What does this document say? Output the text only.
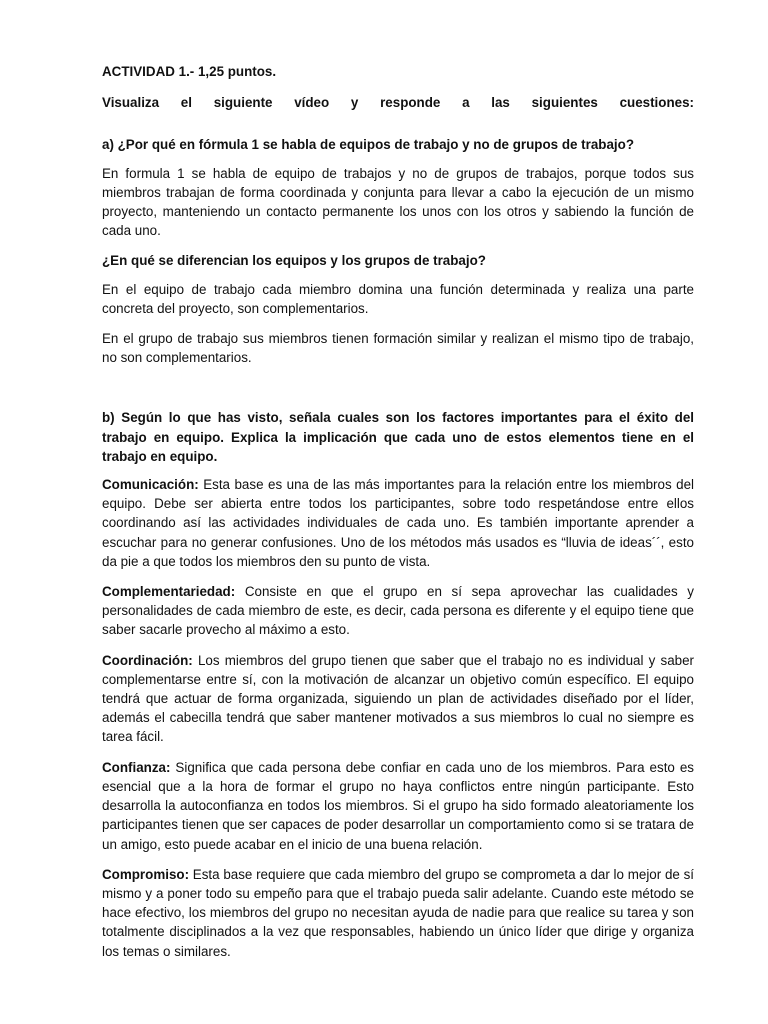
ACTIVIDAD 1.- 1,25 puntos.

Visualiza el siguiente vídeo y responde a las siguientes cuestiones:

a) ¿Por qué en fórmula 1 se habla de equipos de trabajo y no de grupos de trabajo?

En formula 1 se habla de equipo de trabajos y no de grupos de trabajos, porque todos sus miembros trabajan de forma coordinada y conjunta para llevar a cabo la ejecución de un mismo proyecto, manteniendo un contacto permanente los unos con los otros y sabiendo la función de cada uno.

¿En qué se diferencian los equipos y los grupos de trabajo?

En el equipo de trabajo cada miembro domina una función determinada y realiza una parte concreta del proyecto, son complementarios.

En el grupo de trabajo sus miembros tienen formación similar y realizan el mismo tipo de trabajo, no son complementarios.

b) Según lo que has visto, señala cuales son los factores importantes para el éxito del trabajo en equipo. Explica la implicación que cada uno de estos elementos tiene en el trabajo en equipo.

Comunicación: Esta base es una de las más importantes para la relación entre los miembros del equipo. Debe ser abierta entre todos los participantes, sobre todo respetándose entre ellos coordinando así las actividades individuales de cada uno. Es también importante aprender a escuchar para no generar confusiones. Uno de los métodos más usados es “lluvia de ideas´´, esto da pie a que todos los miembros den su punto de vista.

Complementariedad: Consiste en que el grupo en sí sepa aprovechar las cualidades y personalidades de cada miembro de este, es decir, cada persona es diferente y el equipo tiene que saber sacarle provecho al máximo a esto.

Coordinación: Los miembros del grupo tienen que saber que el trabajo no es individual y saber complementarse entre sí, con la motivación de alcanzar un objetivo común específico. El equipo tendrá que actuar de forma organizada, siguiendo un plan de actividades diseñado por el líder, además el cabecilla tendrá que saber mantener motivados a sus miembros lo cual no siempre es tarea fácil.

Confianza: Significa que cada persona debe confiar en cada uno de los miembros. Para esto es esencial que a la hora de formar el grupo no haya conflictos entre ningún participante. Esto desarrolla la autoconfianza en todos los miembros. Si el grupo ha sido formado aleatoriamente los participantes tienen que ser capaces de poder desarrollar un comportamiento como si se tratara de un amigo, esto puede acabar en el inicio de una buena relación.

Compromiso: Esta base requiere que cada miembro del grupo se comprometa a dar lo mejor de sí mismo y a poner todo su empeño para que el trabajo pueda salir adelante. Cuando este método se hace efectivo, los miembros del grupo no necesitan ayuda de nadie para que realice su tarea y son totalmente disciplinados a la vez que responsables, habiendo un único líder que dirige y organiza los temas o similares.
